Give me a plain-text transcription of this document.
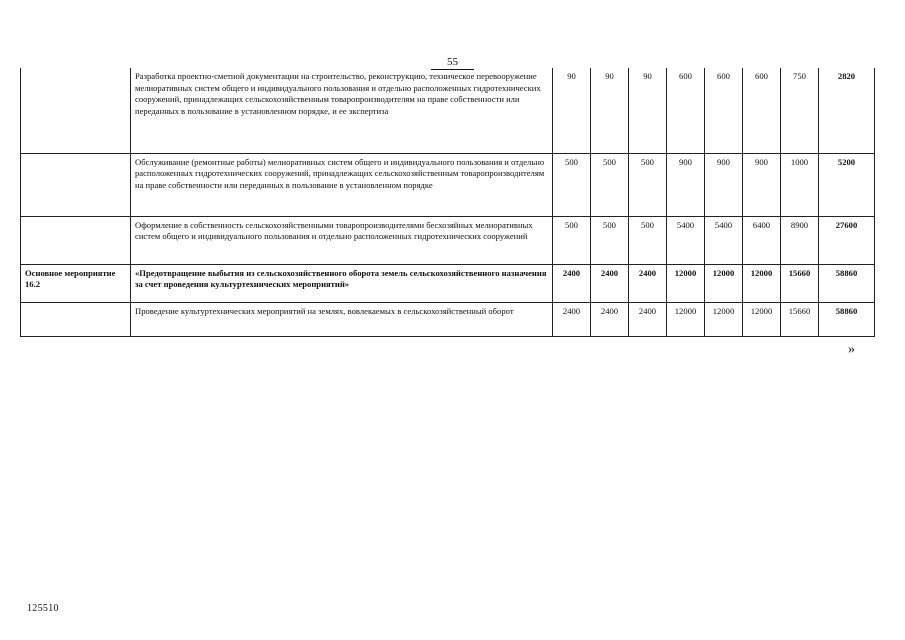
55
	Разработка проектно-сметной документации на строительство, реконструкцию, техническое перевооружение мелиоративных систем общего и индивидуального пользования и отдельно расположенных гидротехнических сооружений, принадлежащих сельскохозяйственным товаропроизводителям на праве собственности или переданных в пользование в установленном порядке, и ее экспертиза	90	90	90	600	600	600	750	2820
	Обслуживание (ремонтные работы) мелиоративных систем общего и индивидуального пользования и отдельно расположенных гидротехнических сооружений, принадлежащих сельскохозяйственным товаропроизводителям на праве собственности или переданных в пользование в установленном порядке	500	500	500	900	900	900	1000	5200
	Оформление в собственность сельскохозяйственными товаропроизводителями бесхозяйных мелиоративных систем общего и индивидуального пользования и отдельно расположенных гидротехнических сооружений	500	500	500	5400	5400	6400	8900	27600
Основное мероприятие 16.2	«Предотвращение выбытия из сельскохозяйственного оборота земель сельскохозяйственного назначения за счет проведения культуртехнических мероприятий»	2400	2400	2400	12000	12000	12000	15660	58860
	Проведение культуртехнических мероприятий на землях, вовлекаемых в сельскохозяйственный оборот	2400	2400	2400	12000	12000	12000	15660	58860
»
125510
